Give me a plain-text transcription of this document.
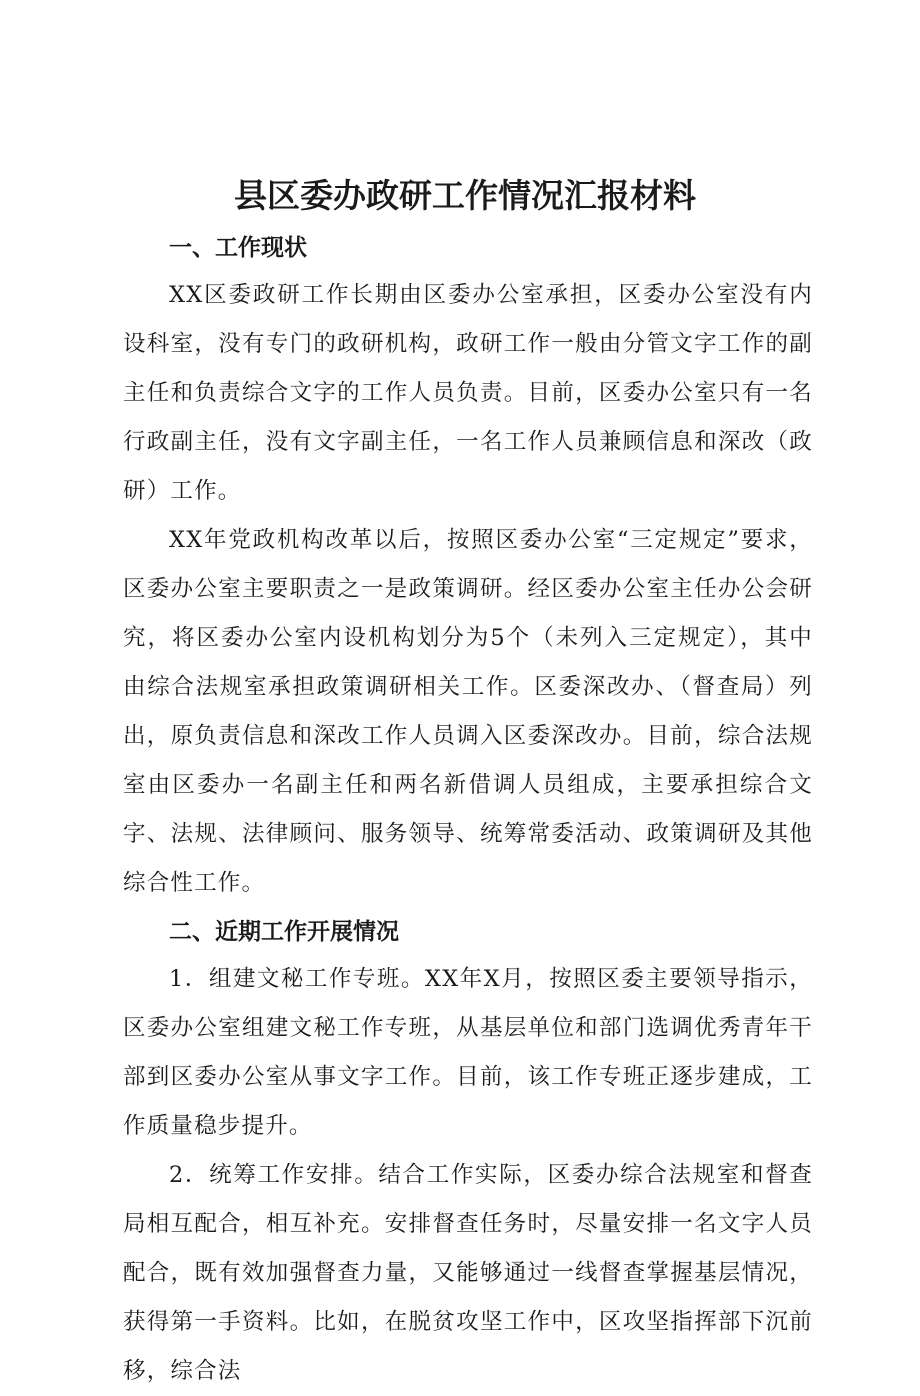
县区委办政研工作情况汇报材料
一、工作现状

XX区委政研工作长期由区委办公室承担，区委办公室没有内设科室，没有专门的政研机构，政研工作一般由分管文字工作的副主任和负责综合文字的工作人员负责。目前，区委办公室只有一名行政副主任，没有文字副主任，一名工作人员兼顾信息和深改（政研）工作。

XX年党政机构改革以后，按照区委办公室“三定规定”要求，区委办公室主要职责之一是政策调研。经区委办公室主任办公会研究，将区委办公室内设机构划分为5个（未列入三定规定），其中由综合法规室承担政策调研相关工作。区委深改办、（督查局）列出，原负责信息和深改工作人员调入区委深改办。目前，综合法规室由区委办一名副主任和两名新借调人员组成，主要承担综合文字、法规、法律顾问、服务领导、统筹常委活动、政策调研及其他综合性工作。

二、近期工作开展情况

1．组建文秘工作专班。XX年X月，按照区委主要领导指示，区委办公室组建文秘工作专班，从基层单位和部门选调优秀青年干部到区委办公室从事文字工作。目前，该工作专班正逐步建成，工作质量稳步提升。

2．统筹工作安排。结合工作实际，区委办综合法规室和督查局相互配合，相互补充。安排督查任务时，尽量安排一名文字人员配合，既有效加强督查力量，又能够通过一线督查掌握基层情况，获得第一手资料。比如，在脱贫攻坚工作中，区攻坚指挥部下沉前移，综合法
